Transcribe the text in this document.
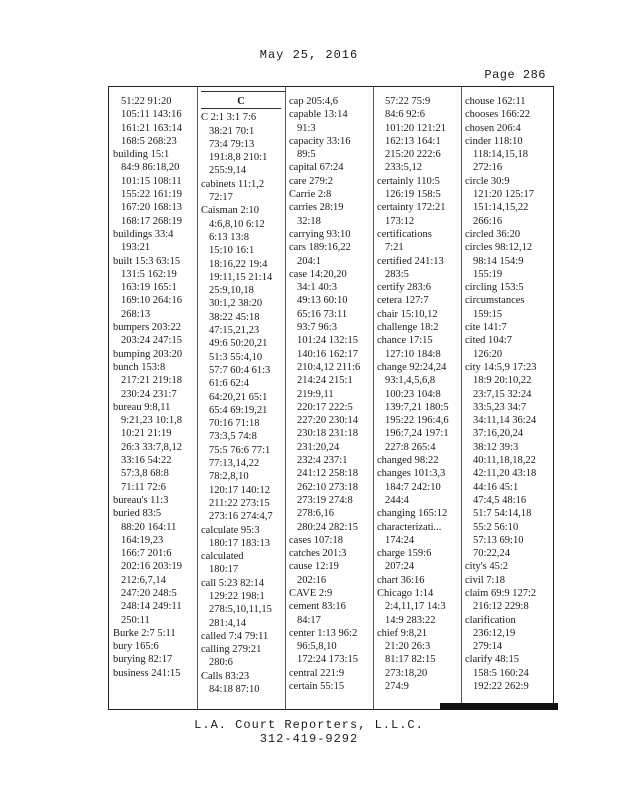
May 25, 2016
Page 286
51:22 91:20
105:11 143:16
161:21 163:14
168:5 268:23
building 15:1
84:9 86:18,20
101:15 108:11
155:22 161:19
167:20 168:13
168:17 268:19
buildings 33:4
193:21
built 15:3 63:15
131:5 162:19
163:19 165:1
169:10 264:16
268:13
bumpers 203:22
203:24 247:15
bumping 203:20
bunch 153:8
217:21 219:18
230:24 231:7
bureau 9:8,11
9:21,23 10:1,8
10:21 21:19
26:3 33:7,8,12
33:16 54:22
57:3,8 68:8
71:11 72:6
bureau's 11:3
buried 83:5
88:20 164:11
164:19,23
166:7 201:6
202:16 203:19
212:6,7,14
247:20 248:5
248:14 249:11
250:11
Burke 2:7 5:11
bury 165:6
burying 82:17
business 241:15
C
C 2:1 3:1 7:6
38:21 70:1
73:4 79:13
191:8,8 210:1
255:9,14
cabinets 11:1,2
72:17
Caisman 2:10
4:6,8,10 6:12
6:13 13:8
15:10 16:1
18:16,22 19:4
19:11,15 21:14
25:9,10,18
30:1,2 38:20
38:22 45:18
47:15,21,23
49:6 50:20,21
51:3 55:4,10
57:7 60:4 61:3
61:6 62:4
64:20,21 65:1
65:4 69:19,21
70:16 71:18
73:3,5 74:8
75:5 76:6 77:1
77:13,14,22
78:2,8,10
120:17 140:12
211:22 273:15
273:16 274:4,7
calculate 95:3
180:17 183:13
calculated
180:17
call 5:23 82:14
129:22 198:1
278:5,10,11,15
281:4,14
called 7:4 79:11
calling 279:21
280:6
Calls 83:23
84:18 87:10
cap 205:4,6
capable 13:14
91:3
capacity 33:16
89:5
capital 67:24
care 279:2
Carrie 2:8
carries 28:19
32:18
carrying 93:10
cars 189:16,22
204:1
case 14:20,20
34:1 40:3
49:13 60:10
65:16 73:11
93:7 96:3
101:24 132:15
140:16 162:17
210:4,12 211:6
214:24 215:1
219:9,11
220:17 222:5
227:20 230:14
230:18 231:18
231:20,24
232:4 237:1
241:12 258:18
262:10 273:18
273:19 274:8
278:6,16
280:24 282:15
cases 107:18
catches 201:3
cause 12:19
202:16
CAVE 2:9
cement 83:16
84:17
center 1:13 96:2
96:5,8,10
172:24 173:15
central 221:9
certain 55:15
57:22 75:9
84:6 92:6
101:20 121:21
162:13 164:1
215:20 222:6
233:5,12
certainly 110:5
126:19 158:5
certainty 172:21
173:12
certifications
7:21
certified 241:13
283:5
certify 283:6
cetera 127:7
chair 15:10,12
challenge 18:2
chance 17:15
127:10 184:8
change 92:24,24
93:1,4,5,6,8
100:23 104:8
139:7,21 180:5
195:22 196:4,6
196:7,24 197:1
227:8 265:4
changed 98:22
changes 101:3,3
184:7 242:10
244:4
changing 165:12
characterizati...
174:24
charge 159:6
207:24
chart 36:16
Chicago 1:14
2:4,11,17 14:3
14:9 283:22
chief 9:8,21
21:20 26:3
81:17 82:15
273:18,20
274:9
chouse 162:11
chooses 166:22
chosen 206:4
cinder 118:10
118:14,15,18
272:16
circle 30:9
121:20 125:17
151:14,15,22
266:16
circled 36:20
circles 98:12,12
98:14 154:9
155:19
circling 153:5
circumstances
159:15
cite 141:7
cited 104:7
126:20
city 14:5,9 17:23
18:9 20:10,22
23:7,15 32:24
33:5,23 34:7
34:11,14 36:24
37:16,20,24
38:12 39:3
40:11,18,18,22
42:11,20 43:18
44:16 45:1
47:4,5 48:16
51:7 54:14,18
55:2 56:10
57:13 69:10
70:22,24
city's 45:2
civil 7:18
claim 69:9 127:2
216:12 229:8
clarification
236:12,19
279:14
clarify 48:15
158:5 160:24
192:22 262:9
L.A. Court Reporters, L.L.C.
312-419-9292
